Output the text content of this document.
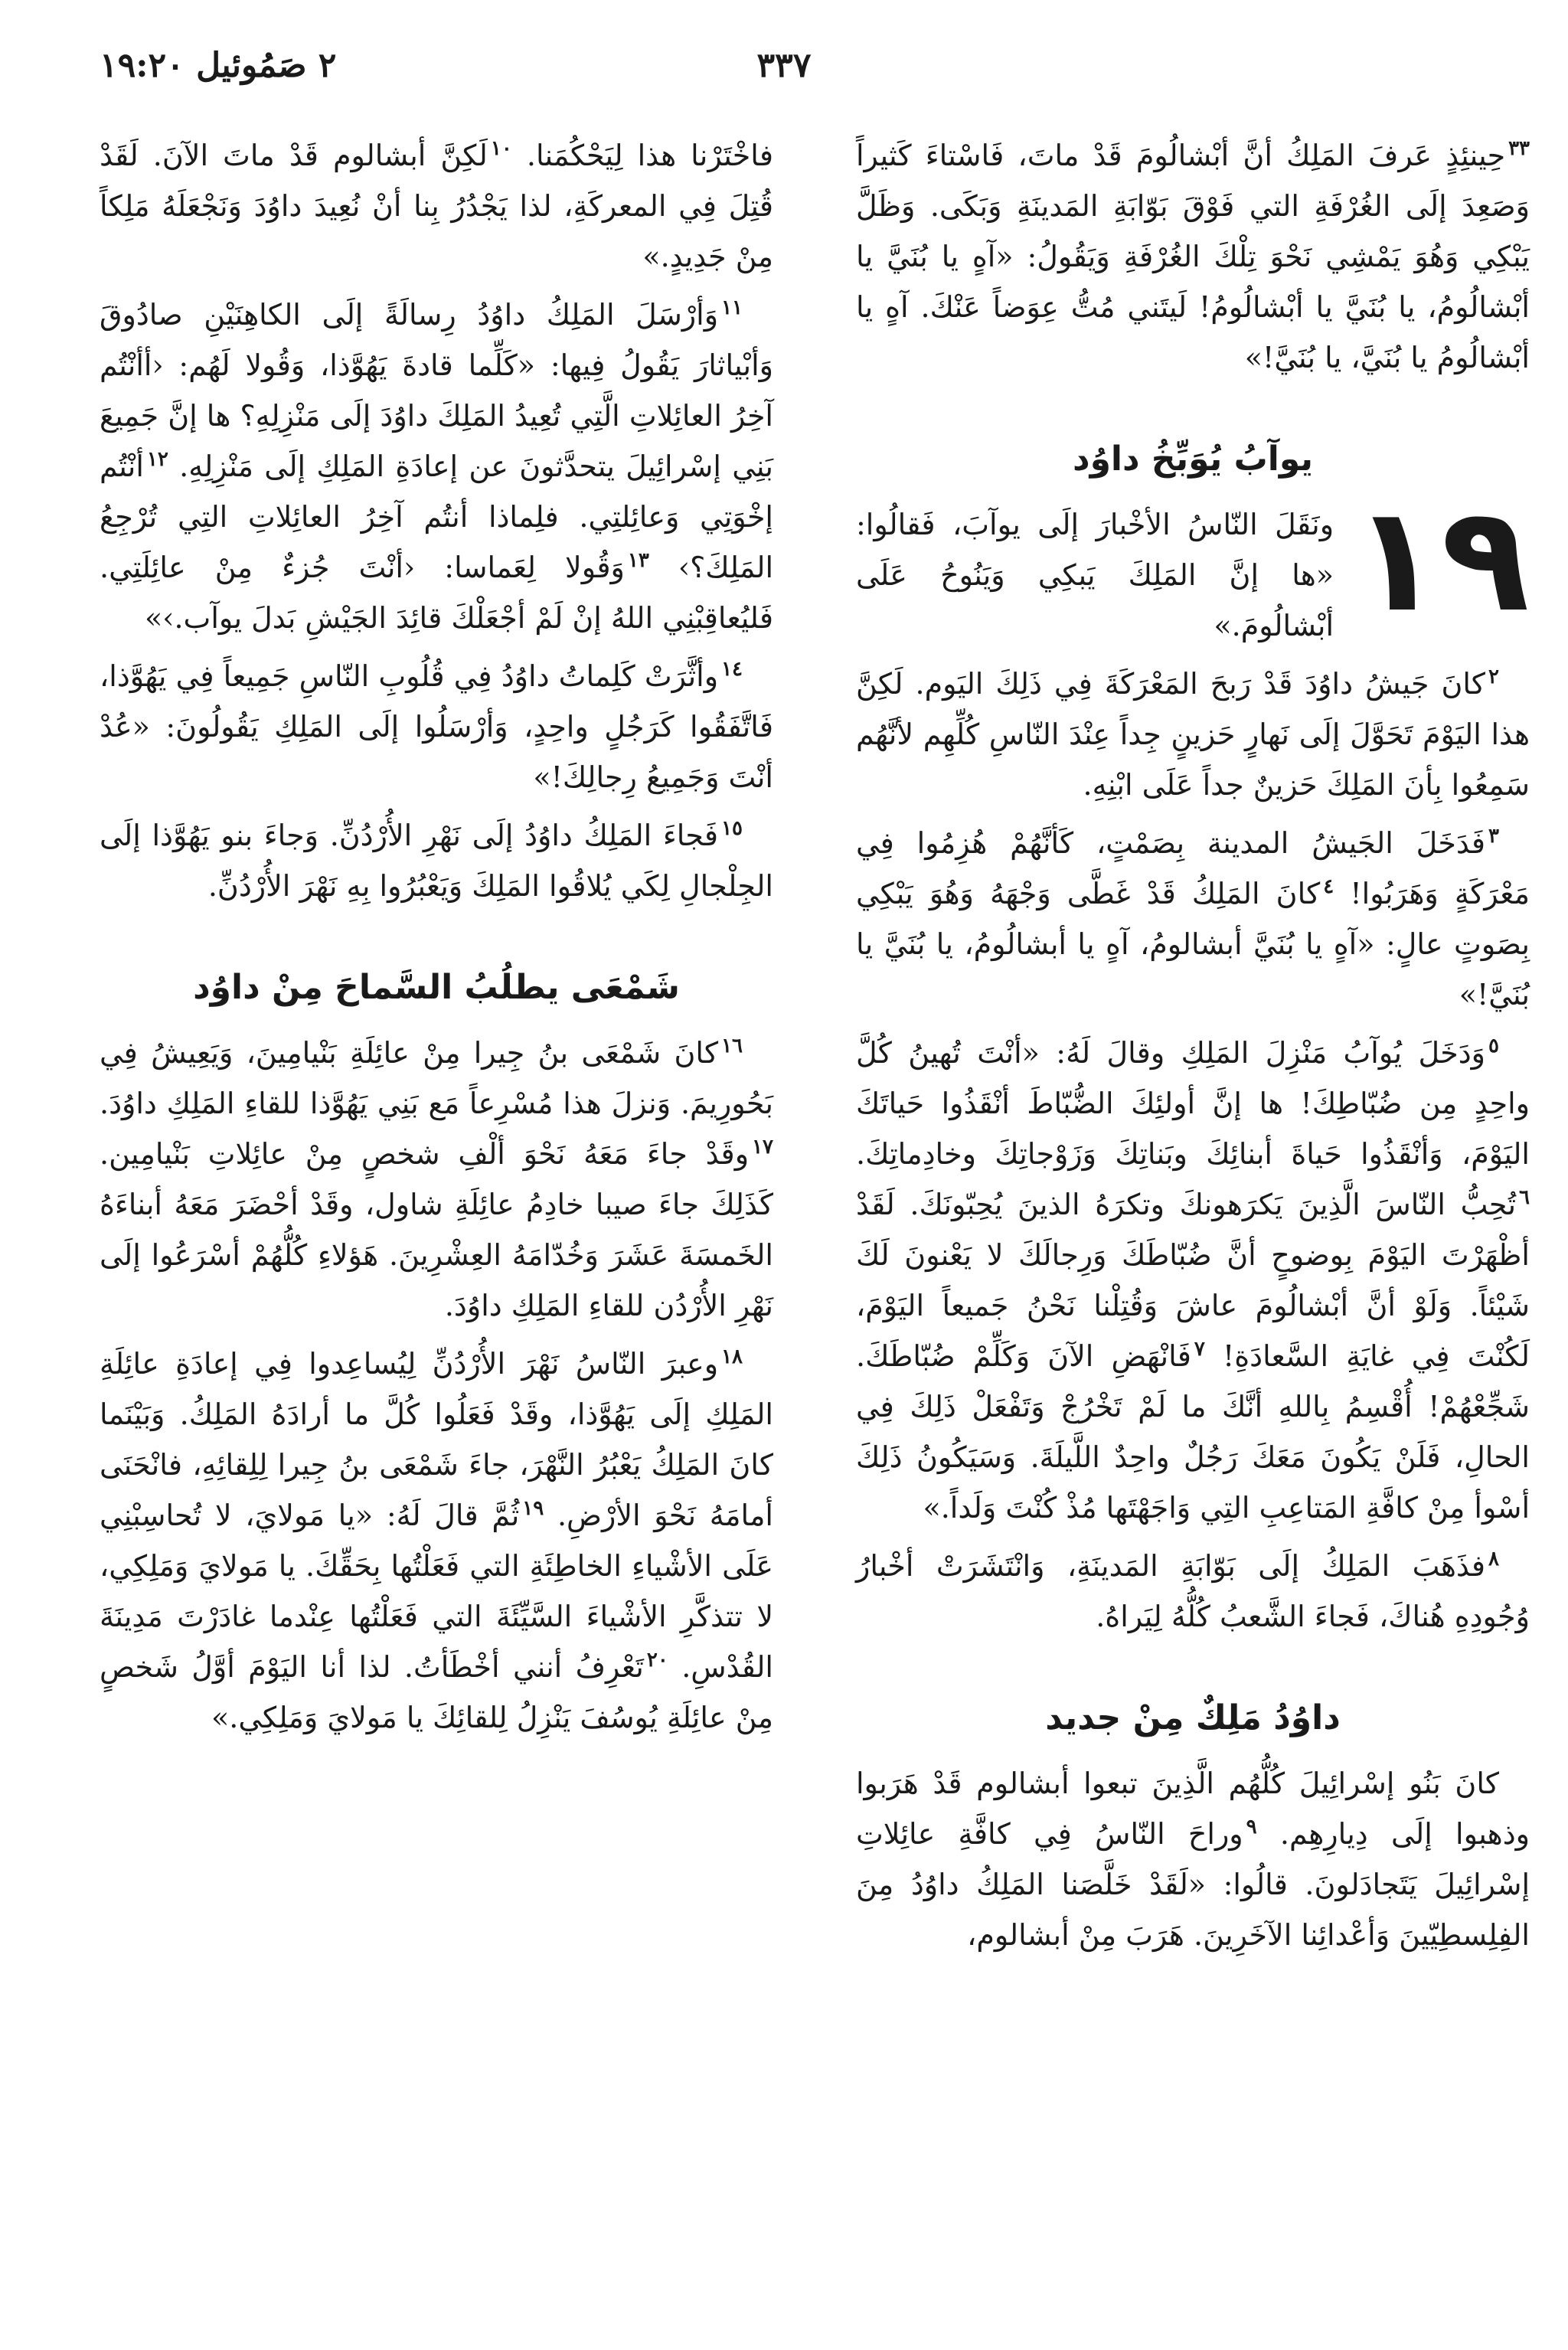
٣٣٧
٢ صَمُوئيل ١٩:٢٠

$^{٣٣}$حِينئِذٍ عَرفَ المَلِكُ أنَّ أبْشالُومَ قَدْ ماتَ، فَاسْتاءَ كَثيراً وَصَعِدَ إلَى الغُرْفَةِ التي فَوْقَ بَوّابَةِ المَدينَةِ وَبَكَى. وَظَلَّ يَبْكِي وَهُوَ يَمْشِي نَحْوَ تِلْكَ الغُرْفَةِ وَيَقُولُ: «آهٍ يا بُنَيَّ يا أبْشالُومُ، يا بُنَيَّ يا أبْشالُومُ! لَيتَني مُتُّ عِوَضاً عَنْكَ. آهٍ يا أبْشالُومُ يا بُنَيَّ، يا بُنَيَّ!»

يوآبُ يُوَبِّخُ داوُد
١٩

ونَقَلَ النّاسُ الأخْبارَ إلَى يوآبَ، فَقالُوا: «ها إنَّ المَلِكَ يَبكِي وَيَنُوحُ عَلَى أبْشالُومَ.»

$^٢$كانَ جَيشُ داوُدَ قَدْ رَبحَ المَعْرَكَةَ فِي ذَلِكَ اليَوم. لَكِنَّ هذا اليَوْمَ تَحَوَّلَ إلَى نَهارٍ حَزينٍ جِداً عِنْدَ النّاسِ كُلِّهِم لأنَّهُم سَمِعُوا بِأنَ المَلِكَ حَزينٌ جداً عَلَى ابْنِهِ.

$^٣$فَدَخَلَ الجَيشُ المدينة بِصَمْتٍ، كَأنَّهُمْ هُزِمُوا فِي مَعْرَكَةٍ وَهَرَبُوا! $^٤$كانَ المَلِكُ قَدْ غَطَّى وَجْهَهُ وَهُوَ يَبْكِي بِصَوتٍ عالٍ: «آهٍ يا بُنَيَّ أبشالومُ، آهٍ يا أبشالُومُ، يا بُنَيَّ يا بُنَيَّ!»

$^٥$وَدَخَلَ يُوآبُ مَنْزِلَ المَلِكِ وقالَ لَهُ: «أنْتَ تُهينُ كُلَّ واحِدٍ مِن ضُبّاطِكَ! ها إنَّ أولئِكَ الضُّبّاطَ أنْقَذُوا حَياتَكَ اليَوْمَ، وَأنْقَذُوا حَياةَ أبنائِكَ وبَناتِكَ وَزَوْجاتِكَ وخادِماتِكَ. $^٦$تُحِبُّ النّاسَ الَّذِينَ يَكرَهونكَ وتكرَهُ الذينَ يُحِبّونَكَ. لَقَدْ أظْهَرْتَ اليَوْمَ بِوضوحٍ أنَّ ضُبّاطَكَ وَرِجالَكَ لا يَعْنونَ لَكَ شَيْئاً. وَلَوْ أنَّ أبْشالُومَ عاشَ وَقُتِلْنا نَحْنُ جَميعاً اليَوْمَ، لَكُنْتَ فِي غايَةِ السَّعادَةِ! $^٧$فَانْهَضِ الآنَ وَكَلِّمْ ضُبّاطَكَ. شَجِّعْهُمْ! أُقْسِمُ بِاللهِ أنَّكَ ما لَمْ تَخْرُجْ وَتَفْعَلْ ذَلِكَ فِي الحالِ، فَلَنْ يَكُونَ مَعَكَ رَجُلٌ واحِدٌ اللَّيلَةَ. وَسَيَكُونُ ذَلِكَ أسْوأ مِنْ كافَّةِ المَتاعِبِ التِي وَاجَهْتَها مُذْ كُنْتَ وَلَداً.»

$^٨$فذَهَبَ المَلِكُ إلَى بَوّابَةِ المَدينَةِ، وَانْتَشَرَتْ أخْبارُ وُجُودِهِ هُناكَ، فَجاءَ الشَّعبُ كُلُّهُ لِيَراهُ.

داوُدُ مَلِكٌ مِنْ جديد

كانَ بَنُو إسْرائِيلَ كُلُّهُم الَّذِينَ تبعوا أبشالوم قَدْ هَرَبوا وذهبوا إلَى دِيارِهِم. $^٩$وراحَ النّاسُ فِي كافَّةِ عائِلاتِ إسْرائِيلَ يَتَجادَلونَ. قالُوا: «لَقَدْ خَلَّصَنا المَلِكُ داوُدُ مِنَ الفِلِسطِيّينَ وَأعْدائِنا الآخَرِينَ. هَرَبَ مِنْ أبشالوم،

فاخْتَرْنا هذا لِيَحْكُمَنا. $^{١٠}$لَكِنَّ أبشالوم قَدْ ماتَ الآنَ. لَقَدْ قُتِلَ فِي المعركَةِ، لذا يَجْدُرُ بِنا أنْ نُعِيدَ داوُدَ وَنَجْعَلَهُ مَلِكاً مِنْ جَدِيدٍ.»

$^{١١}$وَأرْسَلَ المَلِكُ داوُدُ رِسالَةً إلَى الكاهِنَيْنِ صادُوقَ وَأبْياثارَ يَقُولُ فِيها: «كَلِّما قادةَ يَهُوَّذا، وَقُولا لَهُم: ‹أأنْتُم آخِرُ العائِلاتِ الَّتِي تُعِيدُ المَلِكَ داوُدَ إلَى مَنْزِلِهِ؟ ها إنَّ جَمِيعَ بَنِي إسْرائِيلَ يتحدَّثونَ عن إعادَةِ المَلِكِ إلَى مَنْزِلِهِ. $^{١٢}$أنْتُم إخْوَتِي وَعائِلتِي. فلِماذا أنتُم آخِرُ العائِلاتِ التِي تُرْجِعُ المَلِكَ؟› $^{١٣}$وَقُولا لِعَماسا: ‹أنْتَ جُزءٌ مِنْ عائِلَتِي. فَليُعاقِبْنِي اللهُ إنْ لَمْ أجْعَلْكَ قائِدَ الجَيْشِ بَدلَ يوآب.›»

$^{١٤}$وأثَّرَتْ كَلِماتُ داوُدُ فِي قُلُوبِ النّاسِ جَمِيعاً فِي يَهُوَّذا، فَاتَّفَقُوا كَرَجُلٍ واحِدٍ، وَأرْسَلُوا إلَى المَلِكِ يَقُولُونَ: «عُدْ أنْتَ وَجَمِيعُ رِجالِكَ!»

$^{١٥}$فَجاءَ المَلِكُ داوُدُ إلَى نَهْرِ الأُرْدُنِّ. وَجاءَ بنو يَهُوَّذا إلَى الجِلْجالِ لِكَي يُلاقُوا المَلِكَ وَيَعْبُرُوا بِهِ نَهْرَ الأُرْدُنِّ.

شَمْعَى يطلُبُ السَّماحَ مِنْ داوُد

$^{١٦}$كانَ شَمْعَى بنُ جِيرا مِنْ عائِلَةِ بَنْيامِينَ، وَيَعِيشُ فِي بَحُورِيمَ. وَنزلَ هذا مُسْرِعاً مَع بَنِي يَهُوَّذا للقاءِ المَلِكِ داوُدَ. $^{١٧}$وقَدْ جاءَ مَعَهُ نَحْوَ ألْفِ شخصٍ مِنْ عائِلاتِ بَنْيامِين. كَذَلِكَ جاءَ صيبا خادِمُ عائِلَةِ شاول، وقَدْ أحْضَرَ مَعَهُ أبناءَهُ الخَمسَةَ عَشَرَ وَخُدّامَهُ العِشْرِينَ. هَؤلاءِ كُلُّهُمْ أسْرَعُوا إلَى نَهْرِ الأُرْدُن للقاءِ المَلِكِ داوُدَ.

$^{١٨}$وعبرَ النّاسُ نَهْرَ الأُرْدُنِّ لِيُساعِدوا فِي إعادَةِ عائِلَةِ المَلِكِ إلَى يَهُوَّذا، وقَدْ فَعَلُوا كُلَّ ما أرادَهُ المَلِكُ. وَبَيْنَما كانَ المَلِكُ يَعْبُرُ النَّهْرَ، جاءَ شَمْعَى بنُ جِيرا لِلِقائِهِ، فانْحَنَى أمامَهُ نَحْوَ الأرْضِ. $^{١٩}$ثُمَّ قالَ لَهُ: «يا مَولايَ، لا تُحاسِبْنِي عَلَى الأشْياءِ الخاطِئَةِ التي فَعَلْتُها بِحَقِّكَ. يا مَولايَ وَمَلِكِي، لا تتذكَّرِ الأشْياءَ السَّيِّئَةَ التي فَعَلْتُها عِنْدما غادَرْتَ مَدِينَةَ القُدْسِ. $^{٢٠}$تَعْرِفُ أنني أخْطَأتُ. لذا أنا اليَوْمَ أوَّلُ شَخصٍ مِنْ عائِلَةِ يُوسُفَ يَنْزِلُ لِلقائِكَ يا مَولايَ وَمَلِكِي.»
